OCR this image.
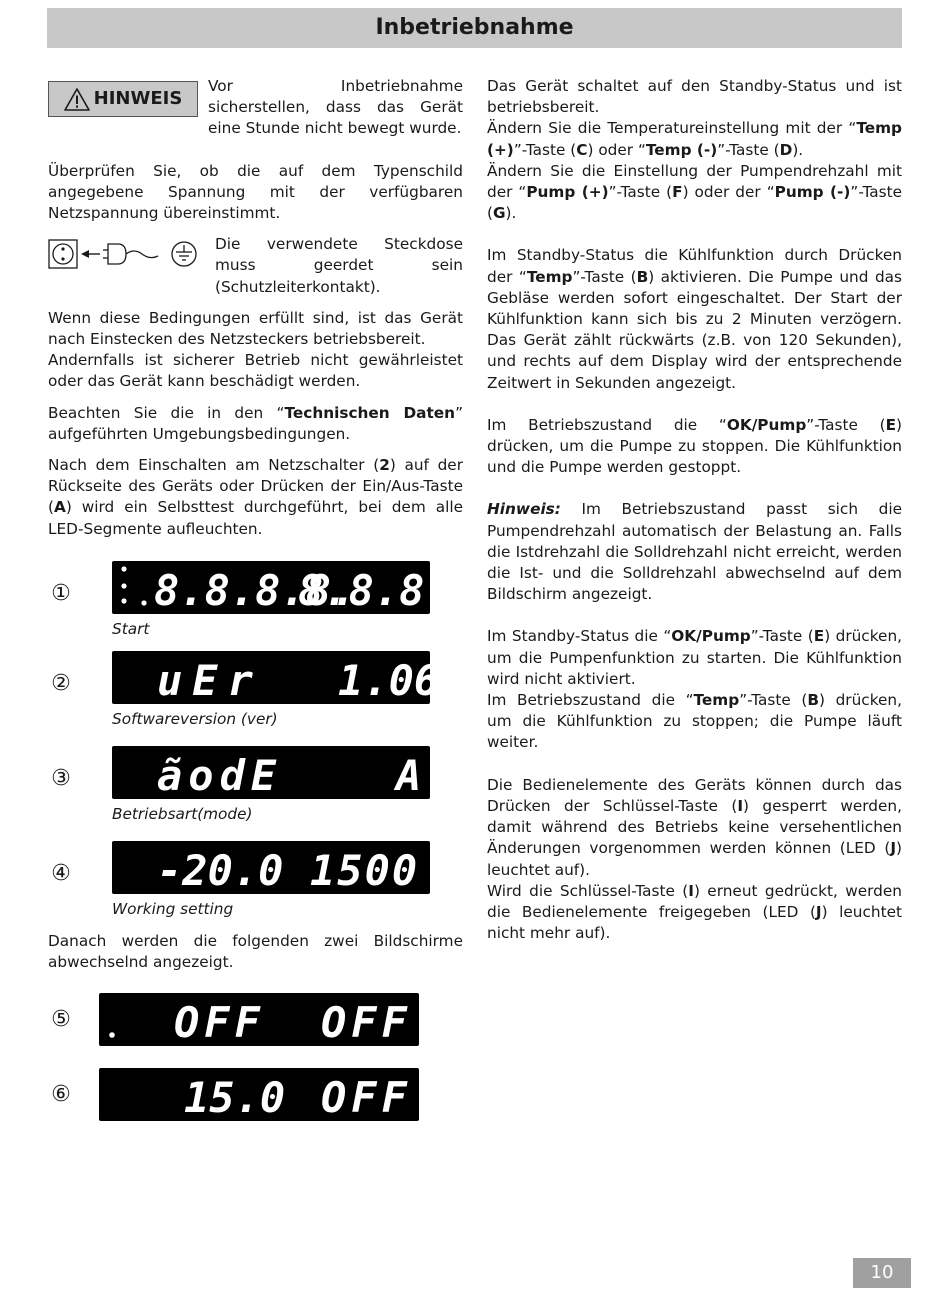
Inbetriebnahme
HINWEIS

Vor Inbetriebnahme sicherstellen, dass das Gerät eine Stunde nicht bewegt wurde.

Überprüfen Sie, ob die auf dem Typenschild angegebene Spannung mit der verfügbaren Netzspannung übereinstimmt.

Die verwendete Steckdose muss geerdet sein (Schutzleiterkontakt).

Wenn diese Bedingungen erfüllt sind, ist das Gerät nach Einstecken des Netzsteckers betriebsbereit.

Andernfalls ist sicherer Betrieb nicht gewährleistet oder das Gerät kann beschädigt werden.

Beachten Sie die in den “Technischen Daten” aufgeführten Umgebungsbedingungen.

Nach dem Einschalten am Netzschalter (2) auf der Rückseite des Geräts oder Drücken der Ein/Aus-Taste (A) wird ein Selbsttest durchgeführt, bei dem alle LED-Segmente aufleuchten.

① 8.8.8.8.
8.8.8.8.
Start
② uEr 1.06
Softwareversion (ver)
③ ãodE	A
Betriebsart(mode)
④ -20.0 1500
Working setting

Danach werden die folgenden zwei Bildschirme abwechselnd angezeigt.

⑤ OFF OFF
⑥	15.0 OFF

Das Gerät schaltet auf den Standby-Status und ist betriebsbereit.

Ändern Sie die Temperatureinstellung mit der “Temp (+)”-Taste (C) oder “Temp (-)”-Taste (D).

Ändern Sie die Einstellung der Pumpendrehzahl mit der “Pump (+)”-Taste (F) oder der “Pump (-)”-Taste (G).

Im Standby-Status die Kühlfunktion durch Drücken der “Temp”-Taste (B) aktivieren. Die Pumpe und das Gebläse werden sofort eingeschaltet. Der Start der Kühlfunktion kann sich bis zu 2 Minuten verzögern. Das Gerät zählt rückwärts (z.B. von 120 Sekunden), und rechts auf dem Display wird der entsprechende Zeitwert in Sekunden angezeigt.

Im Betriebszustand die “OK/Pump”-Taste (E) drücken, um die Pumpe zu stoppen. Die Kühlfunktion und die Pumpe werden gestoppt.

Hinweis: Im Betriebszustand passt sich die Pumpendrehzahl automatisch der Belastung an. Falls die Istdrehzahl die Solldrehzahl nicht erreicht, werden die Ist- und die Solldrehzahl abwechselnd auf dem Bildschirm angezeigt.

Im Standby-Status die “OK/Pump”-Taste (E) drücken, um die Pumpenfunktion zu starten. Die Kühlfunktion wird nicht aktiviert.

Im Betriebszustand die “Temp”-Taste (B) drücken, um die Kühlfunktion zu stoppen; die Pumpe läuft weiter.

Die Bedienelemente des Geräts können durch das Drücken der Schlüssel-Taste (I) gesperrt werden, damit während des Betriebs keine versehentlichen Änderungen vorgenommen werden können (LED (J) leuchtet auf).

Wird die Schlüssel-Taste (I) erneut gedrückt, werden die Bedienelemente freigegeben (LED (J) leuchtet nicht mehr auf).

10
